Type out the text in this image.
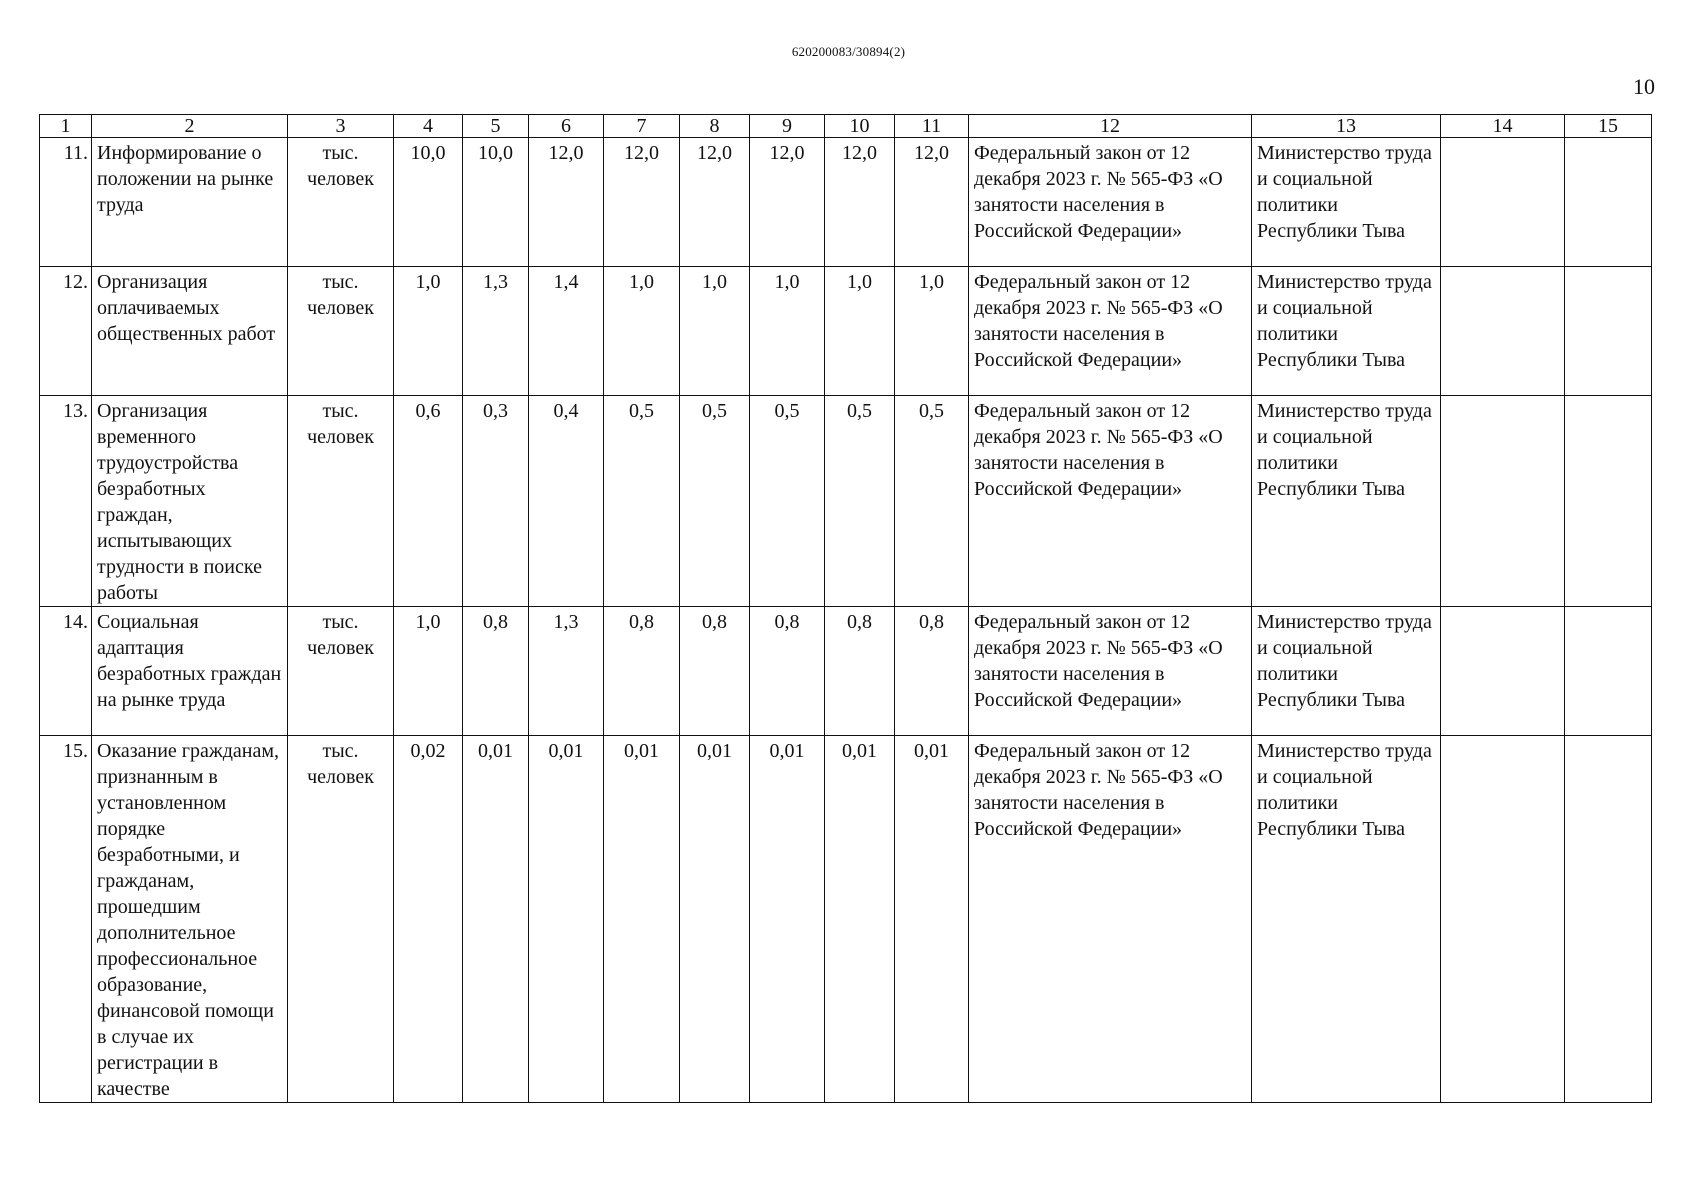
620200083/30894(2)
10
1	2	3	4	5	6	7	8	9	10	11	12	13	14	15
11.	Информирование о положении на рынке труда	тыс. человек	10,0	10,0	12,0	12,0	12,0	12,0	12,0	12,0	Федеральный закон от 12 декабря 2023 г. № 565-ФЗ «О занятости населения в Российской Федерации»	Министерство труда и социальной политики Республики Тыва		
12.	Организация оплачиваемых общественных работ	тыс. человек	1,0	1,3	1,4	1,0	1,0	1,0	1,0	1,0	Федеральный закон от 12 декабря 2023 г. № 565-ФЗ «О занятости населения в Российской Федерации»	Министерство труда и социальной политики Республики Тыва		
13.	Организация временного трудоустройства безработных граждан, испытывающих трудности в поиске работы	тыс. человек	0,6	0,3	0,4	0,5	0,5	0,5	0,5	0,5	Федеральный закон от 12 декабря 2023 г. № 565-ФЗ «О занятости населения в Российской Федерации»	Министерство труда и социальной политики Республики Тыва		
14.	Социальная адаптация безработных граждан на рынке труда	тыс. человек	1,0	0,8	1,3	0,8	0,8	0,8	0,8	0,8	Федеральный закон от 12 декабря 2023 г. № 565-ФЗ «О занятости населения в Российской Федерации»	Министерство труда и социальной политики Республики Тыва		
15.	Оказание гражданам, признанным в установленном порядке безработными, и гражданам, прошедшим дополнительное профессиональное образование, финансовой помощи в случае их регистрации в качестве	тыс. человек	0,02	0,01	0,01	0,01	0,01	0,01	0,01	0,01	Федеральный закон от 12 декабря 2023 г. № 565-ФЗ «О занятости населения в Российской Федерации»	Министерство труда и социальной политики Республики Тыва		
